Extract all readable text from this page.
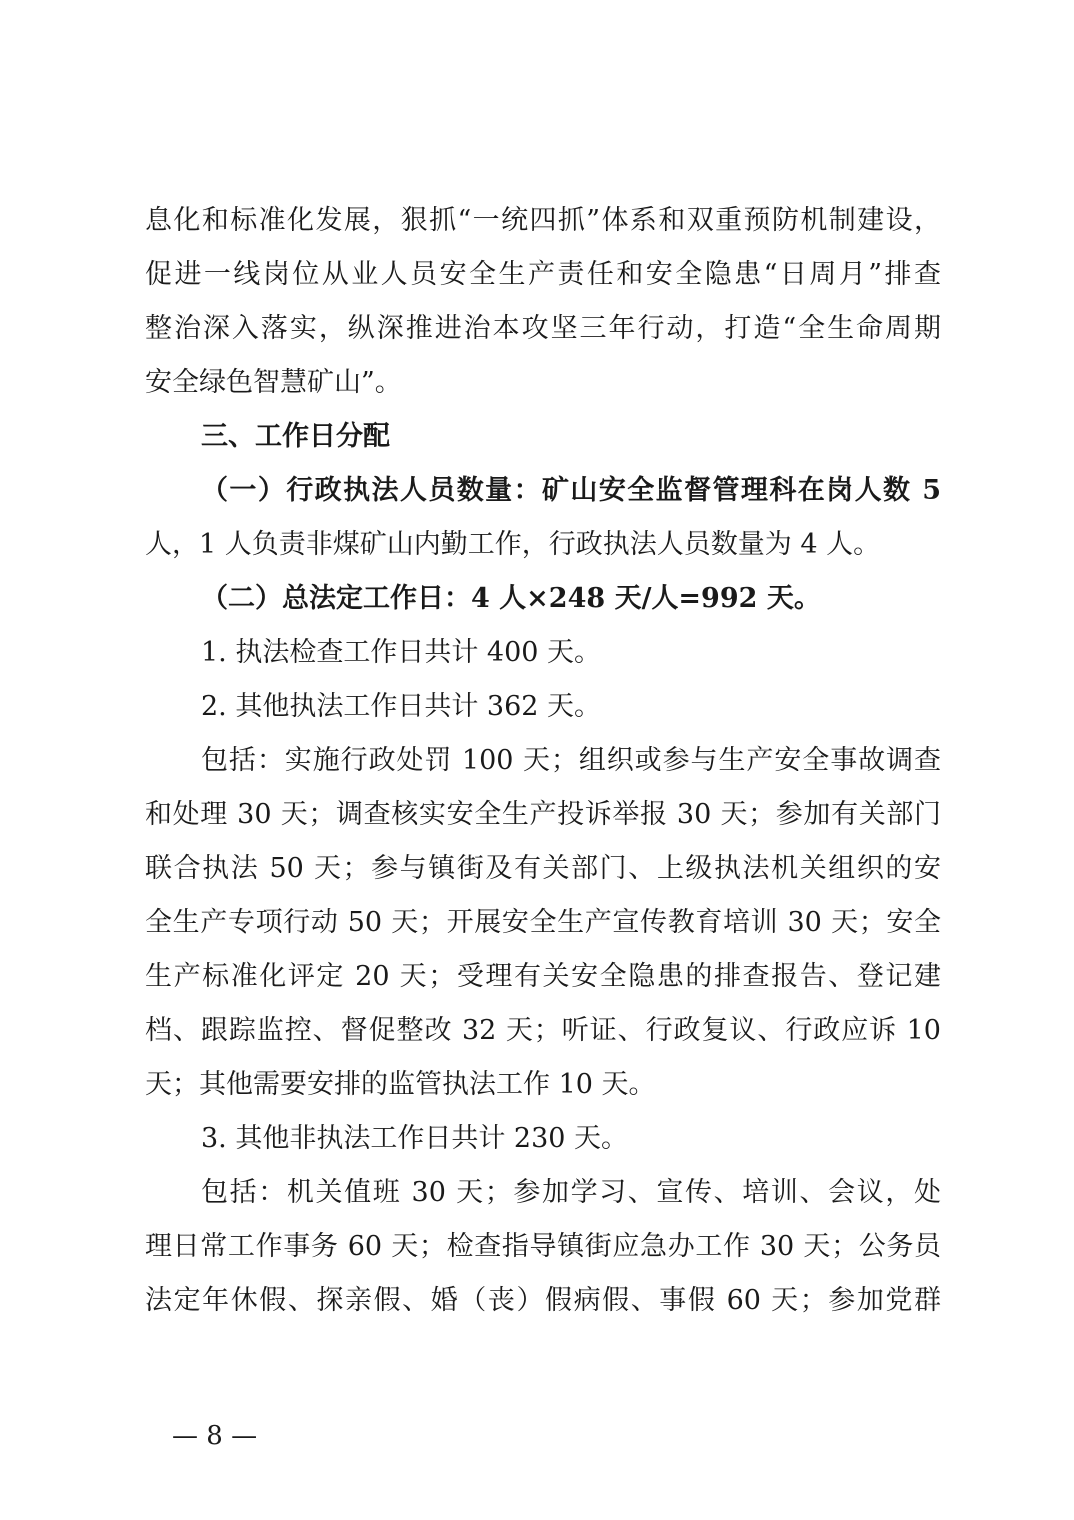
息化和标准化发展，狠抓“一统四抓”体系和双重预防机制建设，
促进一线岗位从业人员安全生产责任和安全隐患“日周月”排查
整治深入落实，纵深推进治本攻坚三年行动，打造“全生命周期
安全绿色智慧矿山”。
三、工作日分配
（一）行政执法人员数量：矿山安全监督管理科在岗人数 5
人，1 人负责非煤矿山内勤工作，行政执法人员数量为 4 人。
（二）总法定工作日：4 人×248 天/人=992 天。
1. 执法检查工作日共计 400 天。
2. 其他执法工作日共计 362 天。
包括：实施行政处罚 100 天；组织或参与生产安全事故调查
和处理 30 天；调查核实安全生产投诉举报 30 天；参加有关部门
联合执法 50 天；参与镇街及有关部门、上级执法机关组织的安
全生产专项行动 50 天；开展安全生产宣传教育培训 30 天；安全
生产标准化评定 20 天；受理有关安全隐患的排查报告、登记建
档、跟踪监控、督促整改 32 天；听证、行政复议、行政应诉 10
天；其他需要安排的监管执法工作 10 天。
3. 其他非执法工作日共计 230 天。
包括：机关值班 30 天；参加学习、宣传、培训、会议，处
理日常工作事务 60 天；检查指导镇街应急办工作 30 天；公务员
法定年休假、探亲假、婚（丧）假病假、事假 60 天；参加党群
— 8 —
